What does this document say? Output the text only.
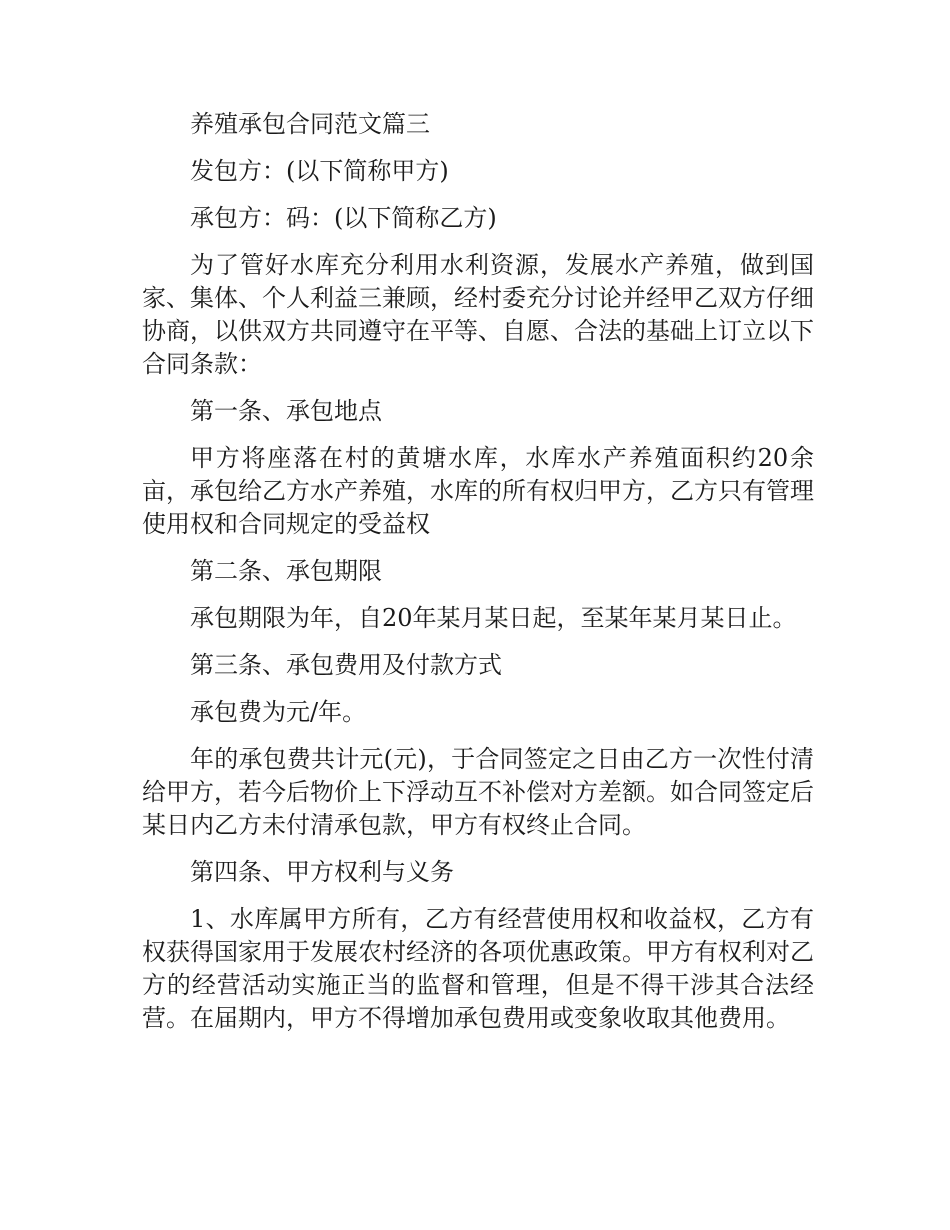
养殖承包合同范文篇三

发包方：(以下简称甲方)

承包方：码：(以下简称乙方)

为了管好水库充分利用水利资源，发展水产养殖，做到国家、集体、个人利益三兼顾，经村委充分讨论并经甲乙双方仔细协商，以供双方共同遵守在平等、自愿、合法的基础上订立以下合同条款：

第一条、承包地点

甲方将座落在村的黄塘水库，水库水产养殖面积约20余亩，承包给乙方水产养殖，水库的所有权归甲方，乙方只有管理使用权和合同规定的受益权

第二条、承包期限

承包期限为年，自20年某月某日起，至某年某月某日止。

第三条、承包费用及付款方式

承包费为元/年。

年的承包费共计元(元)，于合同签定之日由乙方一次性付清给甲方，若今后物价上下浮动互不补偿对方差额。如合同签定后某日内乙方未付清承包款，甲方有权终止合同。

第四条、甲方权利与义务

1、水库属甲方所有，乙方有经营使用权和收益权，乙方有权获得国家用于发展农村经济的各项优惠政策。甲方有权利对乙方的经营活动实施正当的监督和管理，但是不得干涉其合法经营。在届期内，甲方不得增加承包费用或变象收取其他费用。
